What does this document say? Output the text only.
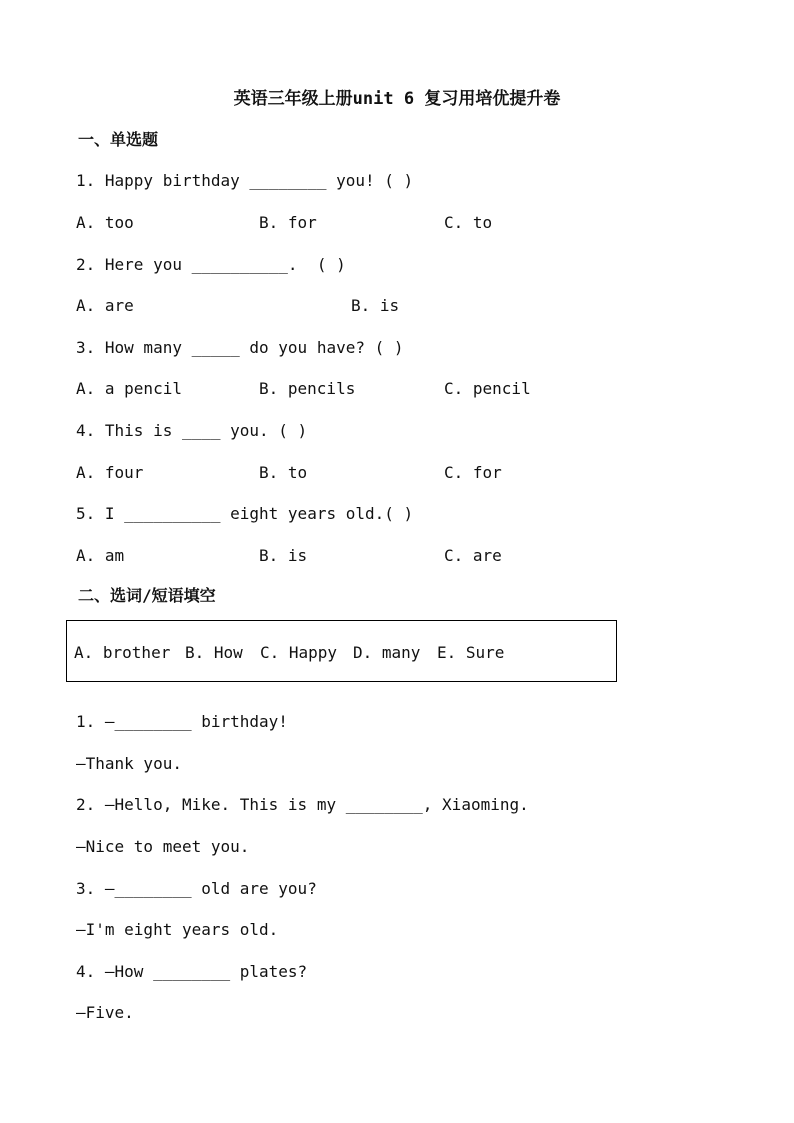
英语三年级上册unit 6 复习用培优提升卷
一、单选题
1. Happy birthday ________ you! ( )
A. too	B. for	C. to
2. Here you __________.  ( )
A. are	B. is
3. How many _____ do you have? ( )
A. a pencil	B. pencils	C. pencil
4. This is ____ you. ( )
A. four	B. to	C. for
5. I __________ eight years old.( )
A. am	B. is	C. are
二、选词/短语填空
A. brother B. How C. Happy D. many E. Sure
1. —________ birthday!
—Thank you.
2. —Hello, Mike. This is my ________, Xiaoming.
—Nice to meet you.
3. —________ old are you?
—I'm eight years old.
4. —How ________ plates?
—Five.
